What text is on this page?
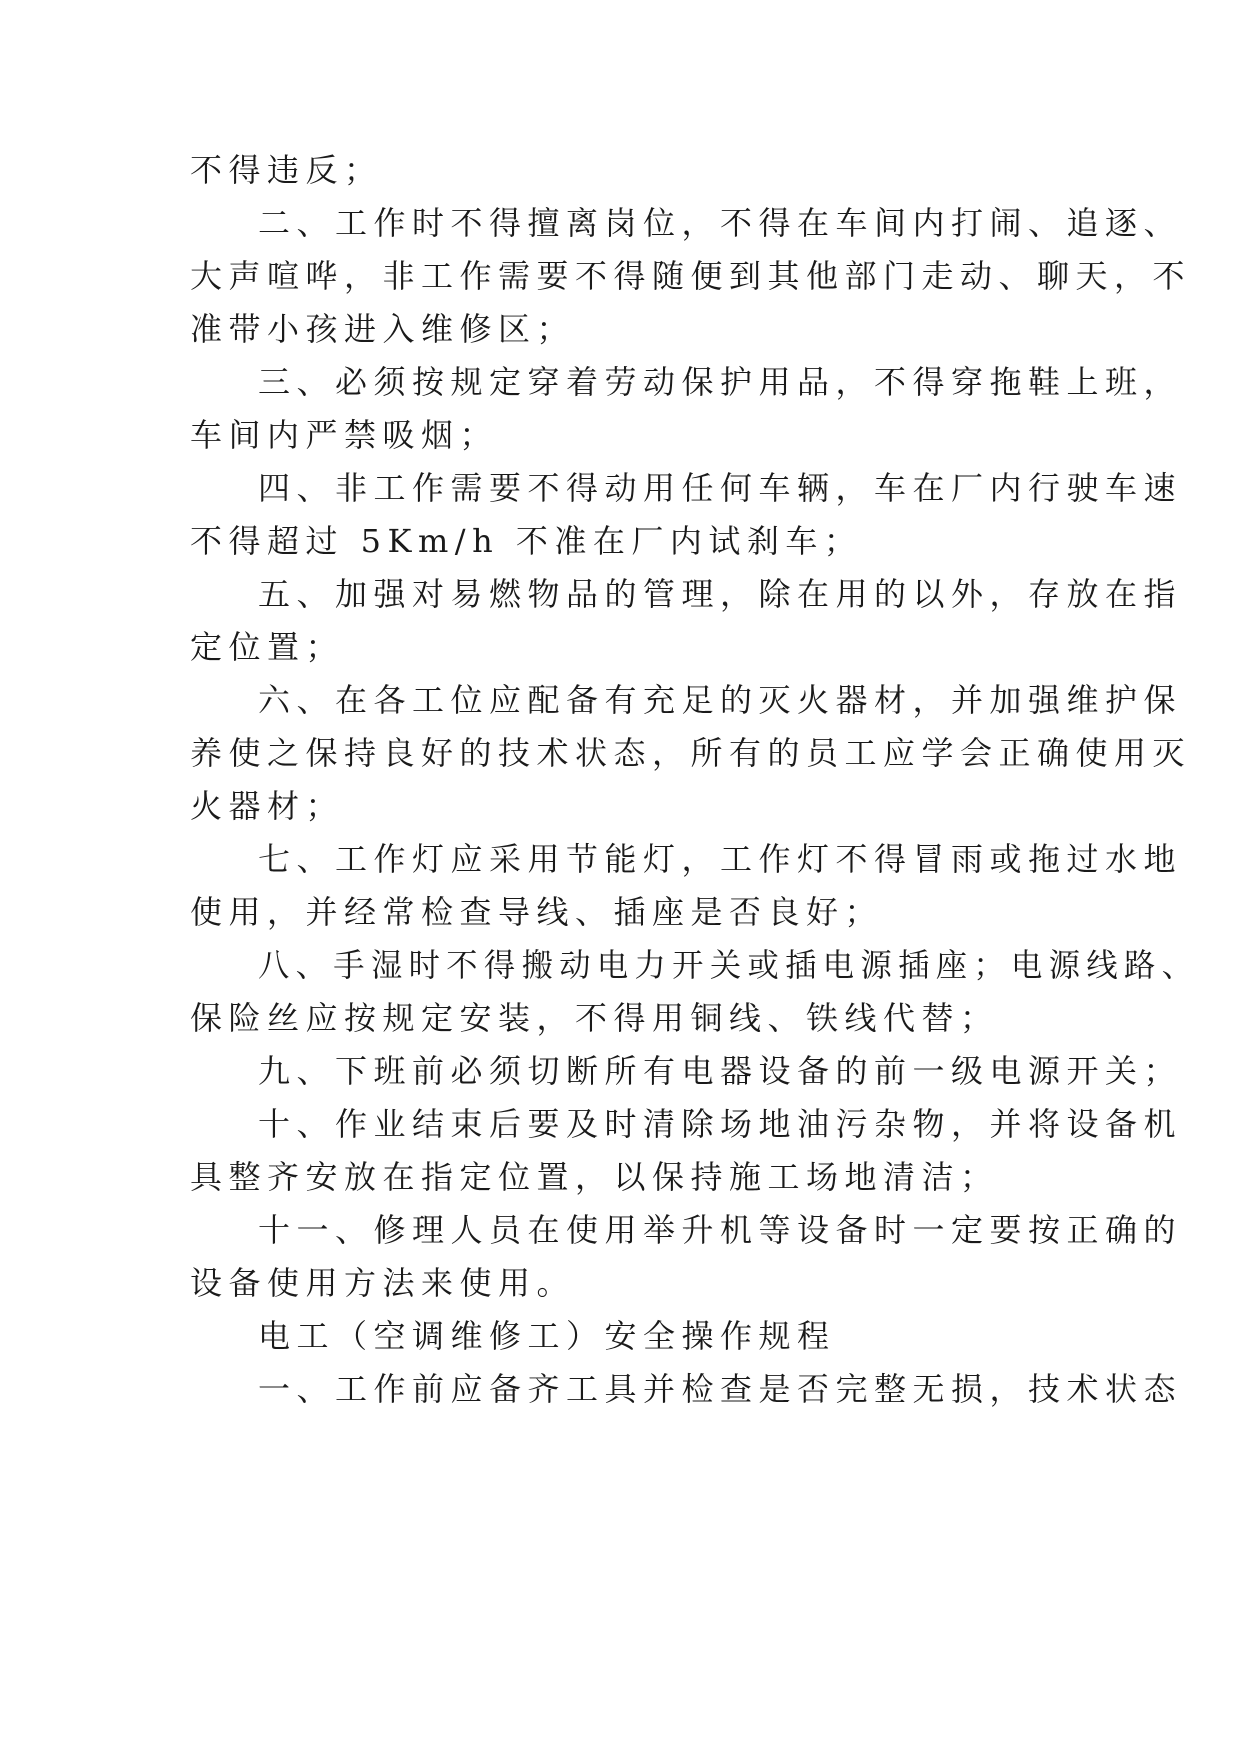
不得违反；
二、工作时不得擅离岗位，不得在车间内打闹、追逐、
大声喧哗，非工作需要不得随便到其他部门走动、聊天，不
准带小孩进入维修区；
三、必须按规定穿着劳动保护用品，不得穿拖鞋上班，
车间内严禁吸烟；
四、非工作需要不得动用任何车辆，车在厂内行驶车速
不得超过 5Km/h 不准在厂内试刹车；
五、加强对易燃物品的管理，除在用的以外，存放在指
定位置；
六、在各工位应配备有充足的灭火器材，并加强维护保
养使之保持良好的技术状态，所有的员工应学会正确使用灭
火器材；
七、工作灯应采用节能灯，工作灯不得冒雨或拖过水地
使用，并经常检查导线、插座是否良好；
八、手湿时不得搬动电力开关或插电源插座；电源线路、
保险丝应按规定安装，不得用铜线、铁线代替；
九、下班前必须切断所有电器设备的前一级电源开关；
十、作业结束后要及时清除场地油污杂物，并将设备机
具整齐安放在指定位置，以保持施工场地清洁；
十一、修理人员在使用举升机等设备时一定要按正确的
设备使用方法来使用。
电工（空调维修工）安全操作规程
一、工作前应备齐工具并检查是否完整无损，技术状态
